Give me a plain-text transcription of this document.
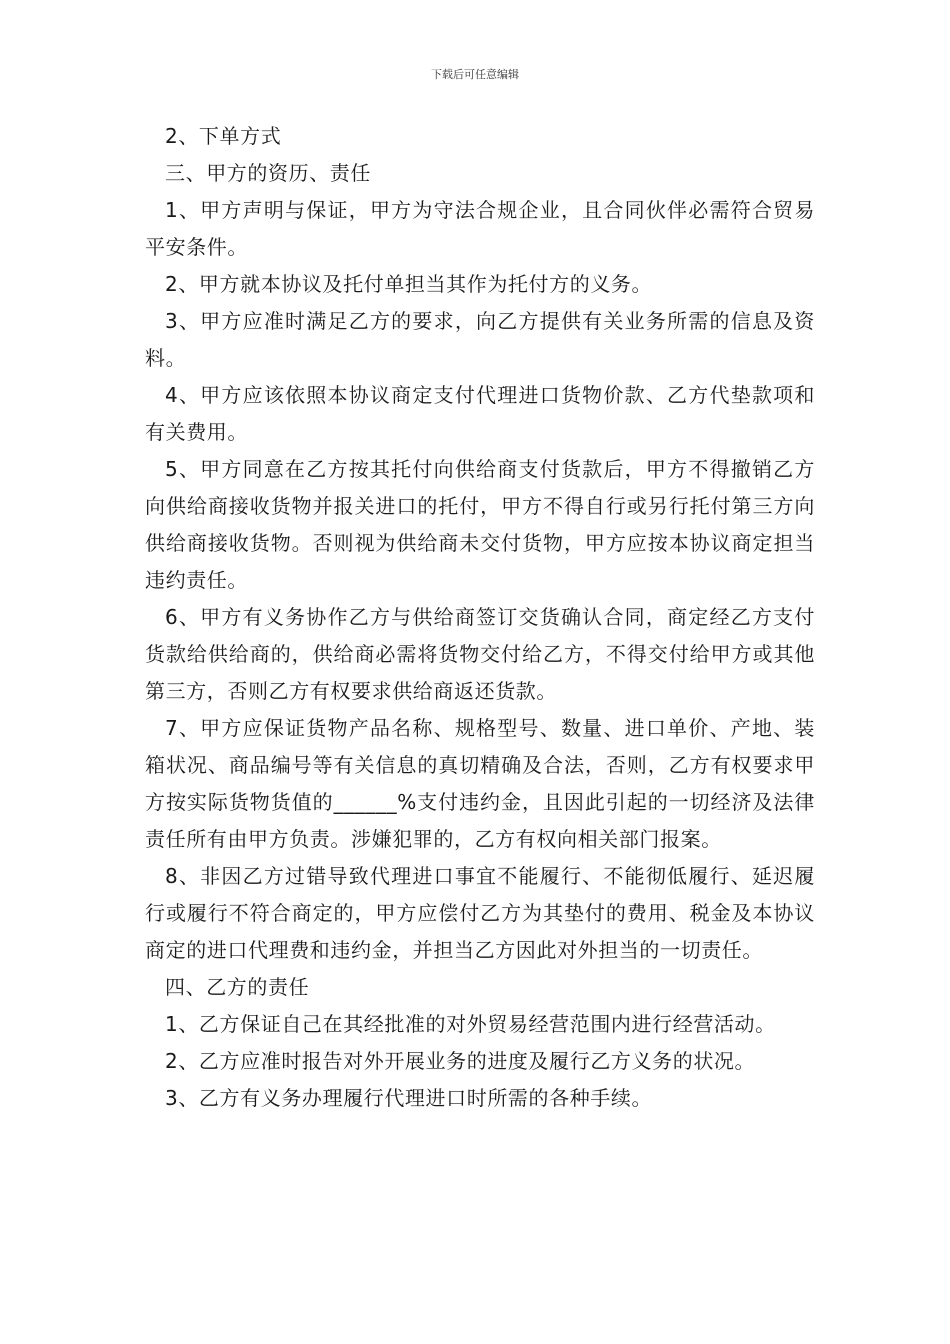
下载后可任意编辑

2、下单方式

三、甲方的资历、责任

1、甲方声明与保证，甲方为守法合规企业，且合同伙伴必需符合贸易平安条件。

2、甲方就本协议及托付单担当其作为托付方的义务。

3、甲方应准时满足乙方的要求，向乙方提供有关业务所需的信息及资料。

4、甲方应该依照本协议商定支付代理进口货物价款、乙方代垫款项和有关费用。

5、甲方同意在乙方按其托付向供给商支付货款后，甲方不得撤销乙方向供给商接收货物并报关进口的托付，甲方不得自行或另行托付第三方向供给商接收货物。否则视为供给商未交付货物，甲方应按本协议商定担当违约责任。

6、甲方有义务协作乙方与供给商签订交货确认合同，商定经乙方支付货款给供给商的，供给商必需将货物交付给乙方，不得交付给甲方或其他第三方，否则乙方有权要求供给商返还货款。

7、甲方应保证货物产品名称、规格型号、数量、进口单价、产地、装箱状况、商品编号等有关信息的真切精确及合法，否则，乙方有权要求甲方按实际货物货值的______%支付违约金，且因此引起的一切经济及法律责任所有由甲方负责。涉嫌犯罪的，乙方有权向相关部门报案。

8、非因乙方过错导致代理进口事宜不能履行、不能彻低履行、延迟履行或履行不符合商定的，甲方应偿付乙方为其垫付的费用、税金及本协议商定的进口代理费和违约金，并担当乙方因此对外担当的一切责任。

四、乙方的责任

1、乙方保证自己在其经批准的对外贸易经营范围内进行经营活动。

2、乙方应准时报告对外开展业务的进度及履行乙方义务的状况。

3、乙方有义务办理履行代理进口时所需的各种手续。
